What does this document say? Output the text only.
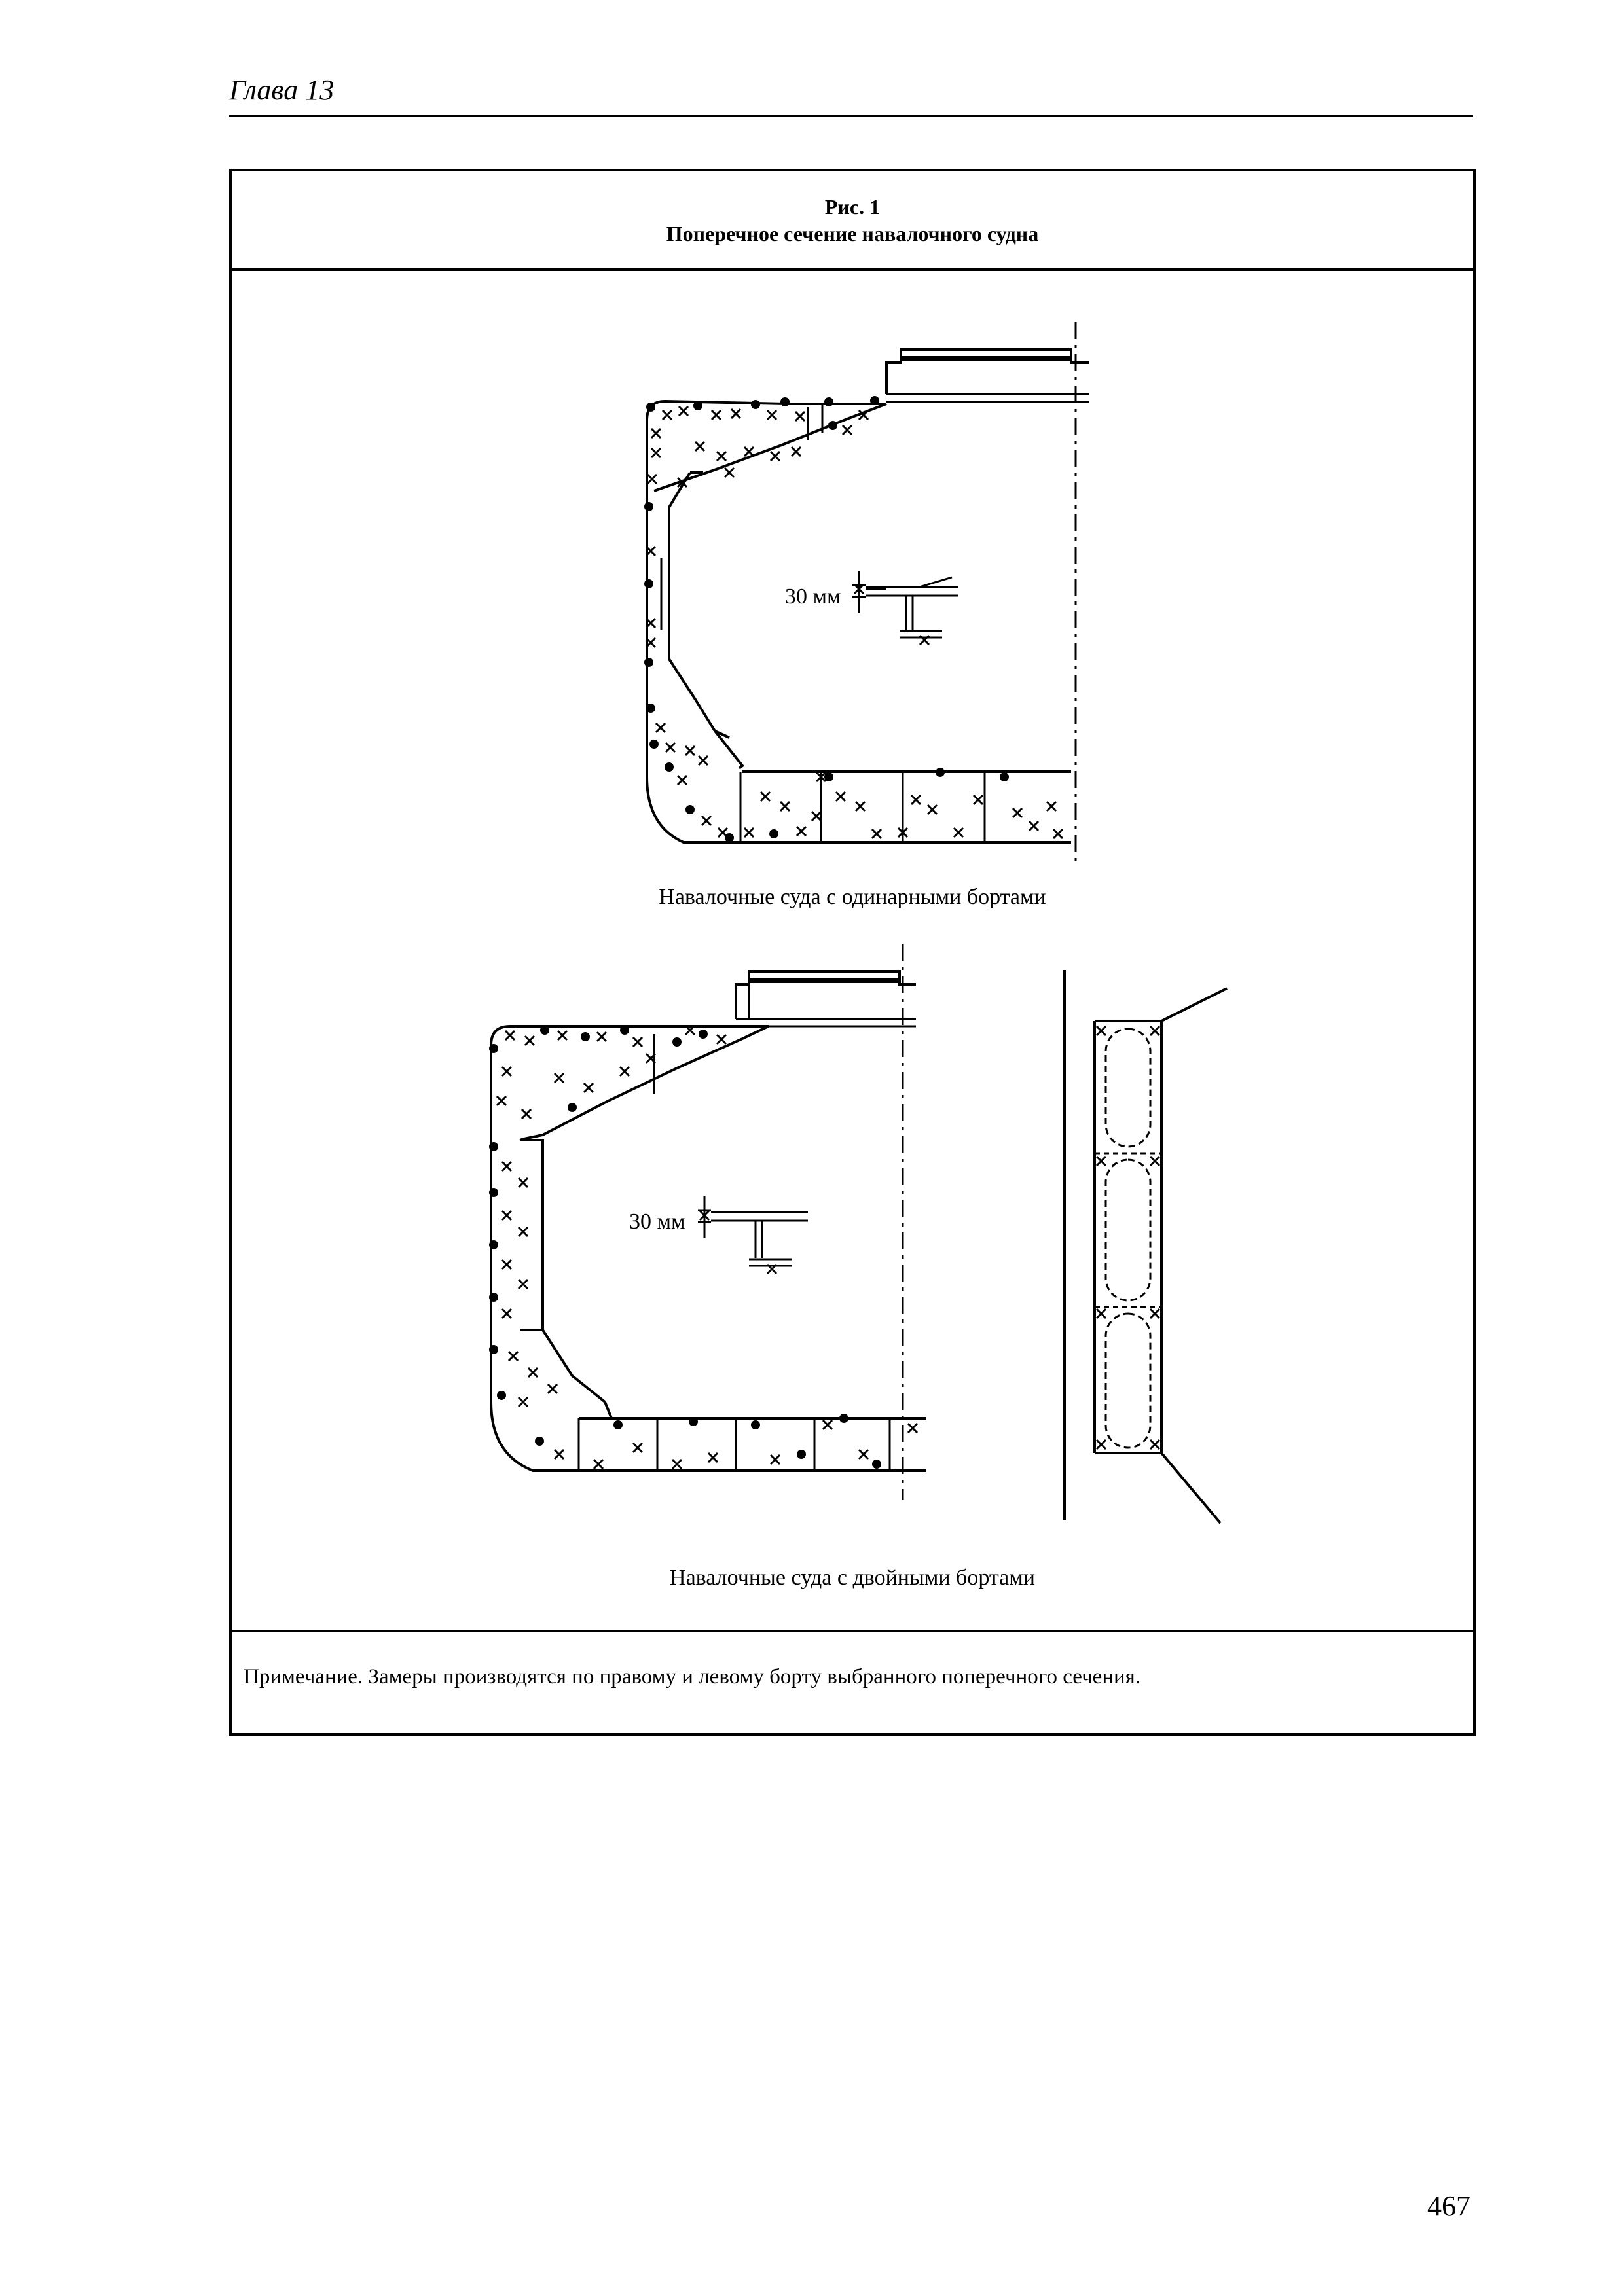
Глава 13
Рис. 1
Поперечное сечение навалочного судна
30 мм
30 мм
Навалочные суда с одинарными бортами
Навалочные суда с двойными бортами
Примечание. Замеры производятся по правому и левому борту выбранного поперечного сечения.
467
